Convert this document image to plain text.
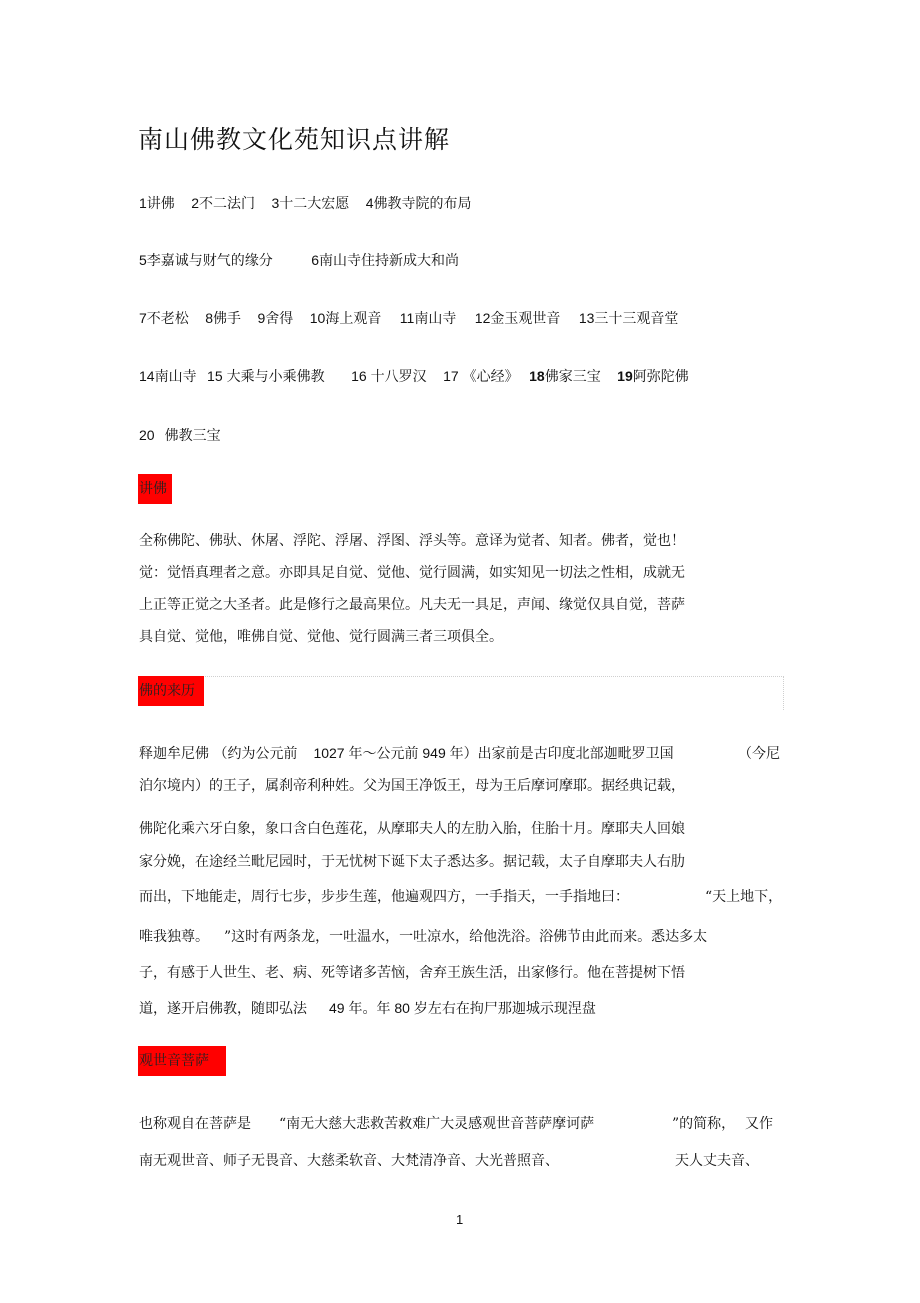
南山佛教文化苑知识点讲解
1讲佛 2不二法门 3十二大宏愿 4佛教寺院的布局
5李嘉诚与财气的缘分	6南山寺住持新成大和尚
7不老松 8佛手 9舍得 10海上观音 11南山寺 12金玉观世音 13三十三观音堂
14南山寺 15 大乘与小乘佛教 16 十八罗汉 17 《心经》 18佛家三宝 19阿弥陀佛
20 佛教三宝
讲佛
全称佛陀、佛驮、休屠、浮陀、浮屠、浮图、浮头等。意译为觉者、知者。佛者，觉也！
觉：觉悟真理者之意。亦即具足自觉、觉他、觉行圆满，如实知见一切法之性相，成就无
上正等正觉之大圣者。此是修行之最高果位。凡夫无一具足，声闻、缘觉仅具自觉，菩萨
具自觉、觉他，唯佛自觉、觉他、觉行圆满三者三项俱全。
佛的来历
释迦牟尼佛 （约为公元前 1027 年～公元前 949 年）出家前是古印度北部迦毗罗卫国	（今尼
泊尔境内）的王子，属刹帝利种姓。父为国王净饭王，母为王后摩诃摩耶。据经典记载，
佛陀化乘六牙白象，象口含白色莲花，从摩耶夫人的左肋入胎，住胎十月。摩耶夫人回娘
家分娩，在途经兰毗尼园时，于无忧树下诞下太子悉达多。据记载，太子自摩耶夫人右肋
而出，下地能走，周行七步，步步生莲，他遍观四方，一手指天，一手指地曰：	“天上地下，
唯我独尊。 ”这时有两条龙，一吐温水，一吐凉水，给他洗浴。浴佛节由此而来。悉达多太
子，有感于人世生、老、病、死等诸多苦恼，舍弃王族生活，出家修行。他在菩提树下悟
道，遂开启佛教，随即弘法 49 年。年 80 岁左右在拘尸那迦城示现涅盘
观世音菩萨
也称观自在菩萨是 “南无大慈大悲救苦救难广大灵感观世音菩萨摩诃萨	”的简称， 又作
南无观世音、师子无畏音、大慈柔软音、大梵清净音、大光普照音、	天人丈夫音、
1
